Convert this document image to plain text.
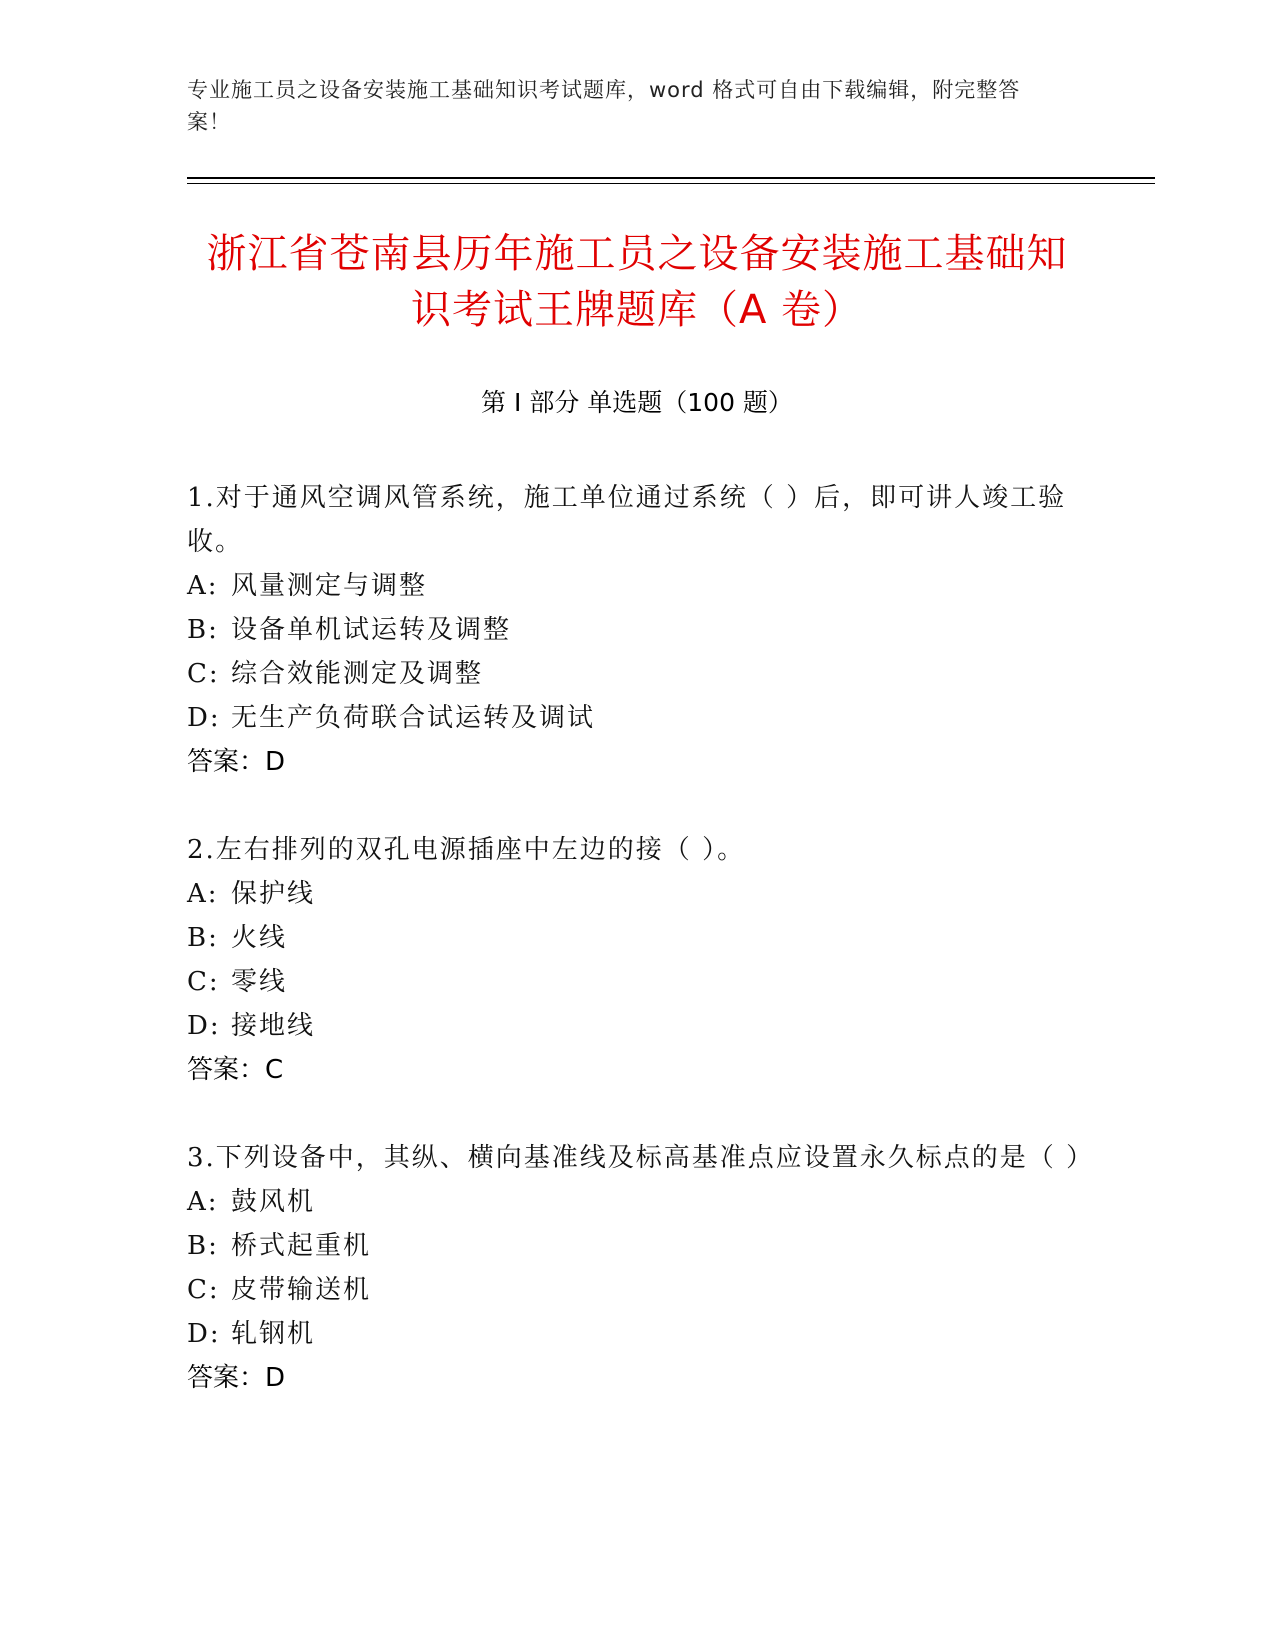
专业施工员之设备安装施工基础知识考试题库，word 格式可自由下载编辑，附完整答案！
浙江省苍南县历年施工员之设备安装施工基础知识考试王牌题库（A 卷）
第 I 部分 单选题（100 题）
1.对于通风空调风管系统，施工单位通过系统（ ）后，即可讲人竣工验收。
A: 风量测定与调整
B: 设备单机试运转及调整
C: 综合效能测定及调整
D: 无生产负荷联合试运转及调试
答案：D
2.左右排列的双孔电源插座中左边的接（ ）。
A: 保护线
B: 火线
C: 零线
D: 接地线
答案：C
3.下列设备中，其纵、横向基准线及标高基准点应设置永久标点的是（ ）
A: 鼓风机
B: 桥式起重机
C: 皮带输送机
D: 轧钢机
答案：D
